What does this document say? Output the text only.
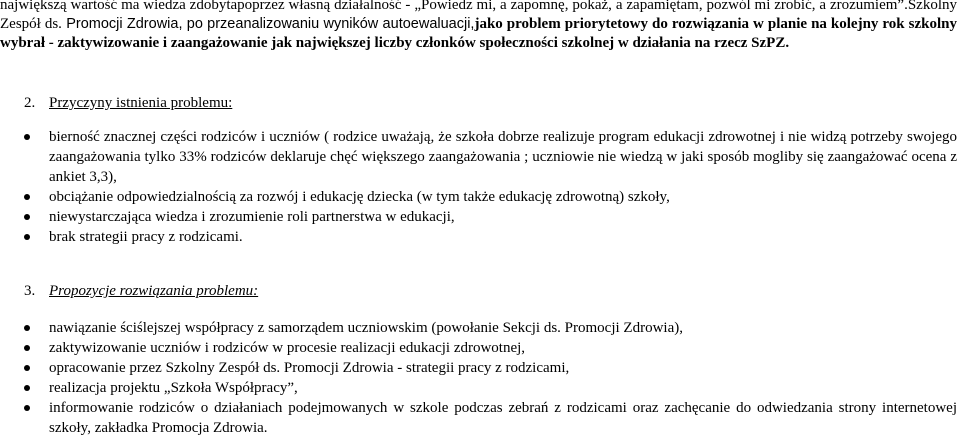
największą wartość ma wiedza zdobytapoprzez własną działalność - „Powiedz mi, a zapomnę, pokaż, a zapamiętam, pozwól mi zrobić, a zrozumiem”.Szkolny Zespół ds. Promocji Zdrowia, po przeanalizowaniu wyników autoewaluacji,jako problem priorytetowy do rozwiązania w planie na kolejny rok szkolny wybrał - zaktywizowanie i zaangażowanie jak największej liczby członków społeczności szkolnej w działania na rzecz SzPZ.
2. Przyczyny istnienia problemu:
bierność znacznej części rodziców i uczniów ( rodzice uważają, że szkoła dobrze realizuje program edukacji zdrowotnej i nie widzą potrzeby swojego zaangażowania tylko 33% rodziców deklaruje chęć większego zaangażowania ; uczniowie nie wiedzą w jaki sposób mogliby się zaangażować ocena z ankiet 3,3),
obciążanie odpowiedzialnością za rozwój i edukację dziecka (w tym także edukację zdrowotną) szkoły,
niewystarczająca wiedza i zrozumienie roli partnerstwa w edukacji,
brak strategii pracy z rodzicami.
3. Propozycje rozwiązania problemu:
nawiązanie ściślejszej współpracy z samorządem uczniowskim (powołanie Sekcji ds. Promocji Zdrowia),
zaktywizowanie uczniów i rodziców w procesie realizacji edukacji zdrowotnej,
opracowanie przez Szkolny Zespół ds. Promocji Zdrowia - strategii pracy z rodzicami,
realizacja projektu „Szkoła Współpracy”,
informowanie rodziców o działaniach podejmowanych w szkole podczas zebrań z rodzicami oraz zachęcanie do odwiedzania strony internetowej szkoły, zakładka Promocja Zdrowia.
